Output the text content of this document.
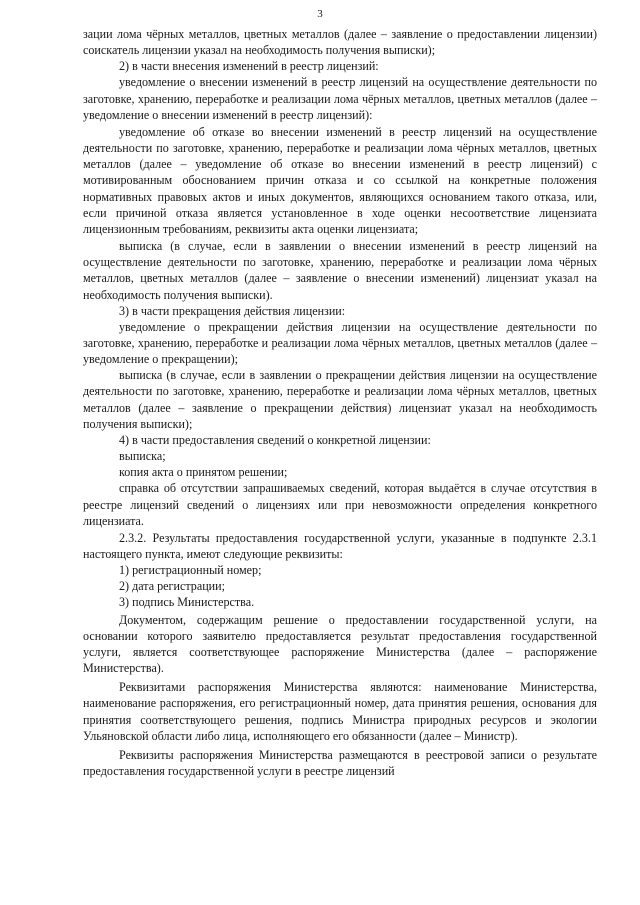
3

зации лома чёрных металлов, цветных металлов (далее – заявление о предоставлении лицензии) соискатель лицензии указал на необходимость получения выписки);

2) в части внесения изменений в реестр лицензий:

уведомление о внесении изменений в реестр лицензий на осуществление деятельности по заготовке, хранению, переработке и реализации лома чёрных металлов, цветных металлов (далее – уведомление о внесении изменений в реестр лицензий):

уведомление об отказе во внесении изменений в реестр лицензий на осуществление деятельности по заготовке, хранению, переработке и реализации лома чёрных металлов, цветных металлов (далее – уведомление об отказе во внесении изменений в реестр лицензий) с мотивированным обоснованием причин отказа и со ссылкой на конкретные положения нормативных правовых актов и иных документов, являющихся основанием такого отказа, или, если причиной отказа является установленное в ходе оценки несоответствие лицензиата лицензионным требованиям, реквизиты акта оценки лицензиата;

выписка (в случае, если в заявлении о внесении изменений в реестр лицензий на осуществление деятельности по заготовке, хранению, переработке и реализации лома чёрных металлов, цветных металлов (далее – заявление о внесении изменений) лицензиат указал на необходимость получения выписки).

3) в части прекращения действия лицензии:

уведомление о прекращении действия лицензии на осуществление деятельности по заготовке, хранению, переработке и реализации лома чёрных металлов, цветных металлов (далее – уведомление о прекращении);

выписка (в случае, если в заявлении о прекращении действия лицензии на осуществление деятельности по заготовке, хранению, переработке и реализации лома чёрных металлов, цветных металлов (далее – заявление о прекращении действия) лицензиат указал на необходимость получения выписки);

4) в части предоставления сведений о конкретной лицензии:

выписка;

копия акта о принятом решении;

справка об отсутствии запрашиваемых сведений, которая выдаётся в случае отсутствия в реестре лицензий сведений о лицензиях или при невозможности определения конкретного лицензиата.

2.3.2. Результаты предоставления государственной услуги, указанные в подпункте 2.3.1 настоящего пункта, имеют следующие реквизиты:

1) регистрационный номер;

2) дата регистрации;

3) подпись Министерства.

Документом, содержащим решение о предоставлении государственной услуги, на основании которого заявителю предоставляется результат предоставления государственной услуги, является соответствующее распоряжение Министерства (далее – распоряжение Министерства).

Реквизитами распоряжения Министерства являются: наименование Министерства, наименование распоряжения, его регистрационный номер, дата принятия решения, основания для принятия соответствующего решения, подпись Министра природных ресурсов и экологии Ульяновской области либо лица, исполняющего его обязанности (далее – Министр).

Реквизиты распоряжения Министерства размещаются в реестровой записи о результате предоставления государственной услуги в реестре лицензий
